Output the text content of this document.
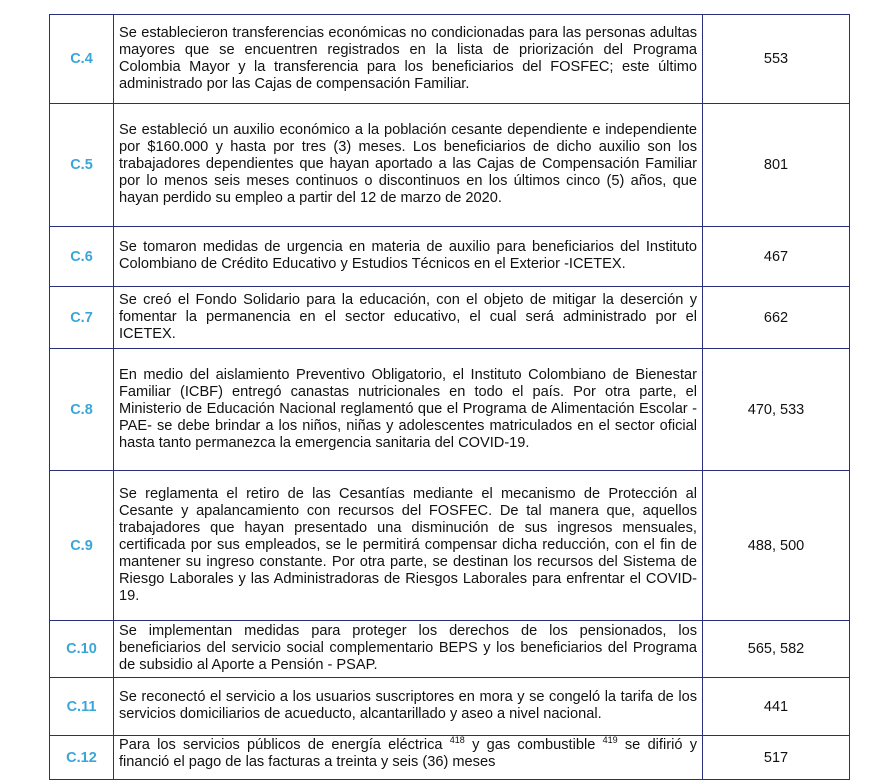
C.4	Se establecieron transferencias económicas no condicionadas para las personas adultas mayores que se encuentren registrados en la lista de priorización del Programa Colombia Mayor y la transferencia para los beneficiarios del FOSFEC; este último administrado por las Cajas de compensación Familiar.	553
C.5	Se estableció un auxilio económico a la población cesante dependiente e independiente por $160.000 y hasta por tres (3) meses. Los beneficiarios de dicho auxilio son los trabajadores dependientes que hayan aportado a las Cajas de Compensación Familiar por lo menos seis meses continuos o discontinuos en los últimos cinco (5) años, que hayan perdido su empleo a partir del 12 de marzo de 2020.	801
C.6	Se tomaron medidas de urgencia en materia de auxilio para beneficiarios del Instituto Colombiano de Crédito Educativo y Estudios Técnicos en el Exterior -ICETEX.	467
C.7	Se creó el Fondo Solidario para la educación, con el objeto de mitigar la deserción y fomentar la permanencia en el sector educativo, el cual será administrado por el ICETEX.	662
C.8	En medio del aislamiento Preventivo Obligatorio, el Instituto Colombiano de Bienestar Familiar (ICBF) entregó canastas nutricionales en todo el país. Por otra parte, el Ministerio de Educación Nacional reglamentó que el Programa de Alimentación Escolar - PAE- se debe brindar a los niños, niñas y adolescentes matriculados en el sector oficial hasta tanto permanezca la emergencia sanitaria del COVID-19.	470, 533
C.9	Se reglamenta el retiro de las Cesantías mediante el mecanismo de Protección al Cesante y apalancamiento con recursos del FOSFEC. De tal manera que, aquellos trabajadores que hayan presentado una disminución de sus ingresos mensuales, certificada por sus empleados, se le permitirá compensar dicha reducción, con el fin de mantener su ingreso constante. Por otra parte, se destinan los recursos del Sistema de Riesgo Laborales y las Administradoras de Riesgos Laborales para enfrentar el COVID-19.	488, 500
C.10	Se implementan medidas para proteger los derechos de los pensionados, los beneficiarios del servicio social complementario BEPS y los beneficiarios del Programa de subsidio al Aporte a Pensión - PSAP.	565, 582
C.11	Se reconectó el servicio a los usuarios suscriptores en mora y se congeló la tarifa de los servicios domiciliarios de acueducto, alcantarillado y aseo a nivel nacional.	441
C.12	Para los servicios públicos de energía eléctrica $^{418}$ y gas combustible $^{419}$ se difirió y financió el pago de las facturas a treinta y seis (36) meses	517
